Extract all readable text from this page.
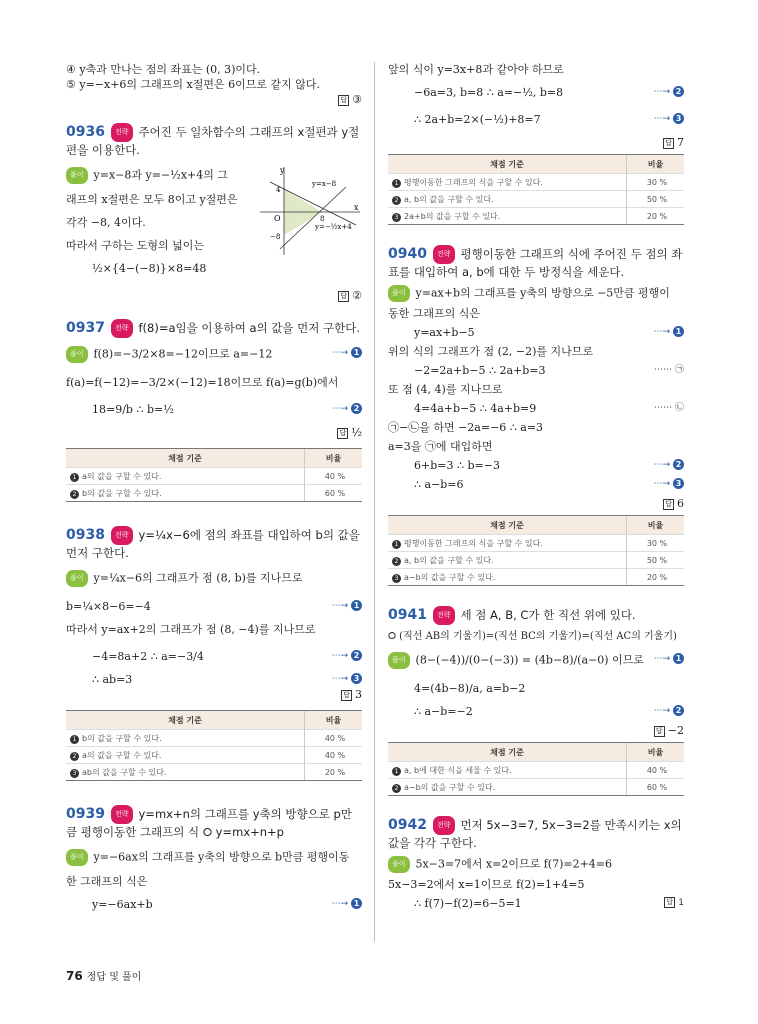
④ y축과 만나는 점의 좌표는 (0, 3)이다.

⑤ y=−x+6의 그래프의 x절편은 6이므로 같지 않다.

답 ③

0936 전략 주어진 두 일차함수의 그래프의 x절편과 y절편을 이용한다.

y
x
O
4
8
−8
y=x−8
y=−½x+4

풀이 y=x−8과 y=−½x+4의 그

래프의 x절편은 모두 8이고 y절편은

각각 −8, 4이다.

따라서 구하는 도형의 넓이는

½×{4−(−8)}×8=48

답 ②

0937 전략 f(8)=a임을 이용하여 a의 값을 먼저 구한다.

풀이 f(8)=−3/2×8=−12이므로 a=−12	⋯→ 1

f(a)=f(−12)=−3/2×(−12)=18이므로 f(a)=g(b)에서

18=9/b ∴ b=½	⋯→ 2

답 ½

채점 기준	비율
1 a의 값을 구할 수 있다.	40 %
2 b의 값을 구할 수 있다.	60 %

0938 전략 y=¼x−6에 점의 좌표를 대입하여 b의 값을 먼저 구한다.

풀이 y=¼x−6의 그래프가 점 (8, b)를 지나므로

b=¼×8−6=−4	⋯→ 1

따라서 y=ax+2의 그래프가 점 (8, −4)를 지나므로

−4=8a+2 ∴ a=−3/4	⋯→ 2

∴ ab=3	⋯→ 3

답 3

채점 기준	비율
1 b의 값을 구할 수 있다.	40 %
2 a의 값을 구할 수 있다.	40 %
3 ab의 값을 구할 수 있다.	20 %

0939 전략 y=mx+n의 그래프를 y축의 방향으로 p만큼 평행이동한 그래프의 식 ⭘ y=mx+n+p

풀이 y=−6ax의 그래프를 y축의 방향으로 b만큼 평행이동

한 그래프의 식은

y=−6ax+b	⋯→ 1

앞의 식이 y=3x+8과 같아야 하므로

−6a=3, b=8 ∴ a=−½, b=8	⋯→ 2

∴ 2a+b=2×(−½)+8=7	⋯→ 3

답 7

채점 기준	비율
1 평행이동한 그래프의 식을 구할 수 있다.	30 %
2 a, b의 값을 구할 수 있다.	50 %
3 2a+b의 값을 구할 수 있다.	20 %

0940 전략 평행이동한 그래프의 식에 주어진 두 점의 좌표를 대입하여 a, b에 대한 두 방정식을 세운다.

풀이 y=ax+b의 그래프를 y축의 방향으로 −5만큼 평행이

동한 그래프의 식은

y=ax+b−5	⋯→ 1

위의 식의 그래프가 점 (2, −2)를 지나므로

−2=2a+b−5 ∴ 2a+b=3	⋯⋯ ㉠

또 점 (4, 4)를 지나므로

4=4a+b−5 ∴ 4a+b=9	⋯⋯ ㉡

㉠−㉡을 하면 −2a=−6 ∴ a=3

a=3을 ㉠에 대입하면

6+b=3 ∴ b=−3	⋯→ 2

∴ a−b=6	⋯→ 3

답 6

채점 기준	비율
1 평행이동한 그래프의 식을 구할 수 있다.	30 %
2 a, b의 값을 구할 수 있다.	50 %
3 a−b의 값을 구할 수 있다.	20 %

0941 전략 세 점 A, B, C가 한 직선 위에 있다.

⭘ (직선 AB의 기울기)=(직선 BC의 기울기)=(직선 AC의 기울기)

풀이 (8−(−4))/(0−(−3)) = (4b−8)/(a−0) 이므로 ⋯→ 1

4=(4b−8)/a, a=b−2

∴ a−b=−2	⋯→ 2

답 −2

채점 기준	비율
1 a, b에 대한 식을 세울 수 있다.	40 %
2 a−b의 값을 구할 수 있다.	60 %

0942 전략 먼저 5x−3=7, 5x−3=2를 만족시키는 x의 값을 각각 구한다.

풀이 5x−3=7에서 x=2이므로 f(7)=2+4=6

5x−3=2에서 x=1이므로 f(2)=1+4=5

∴ f(7)−f(2)=6−5=1	답 1

76 정답 및 풀이
